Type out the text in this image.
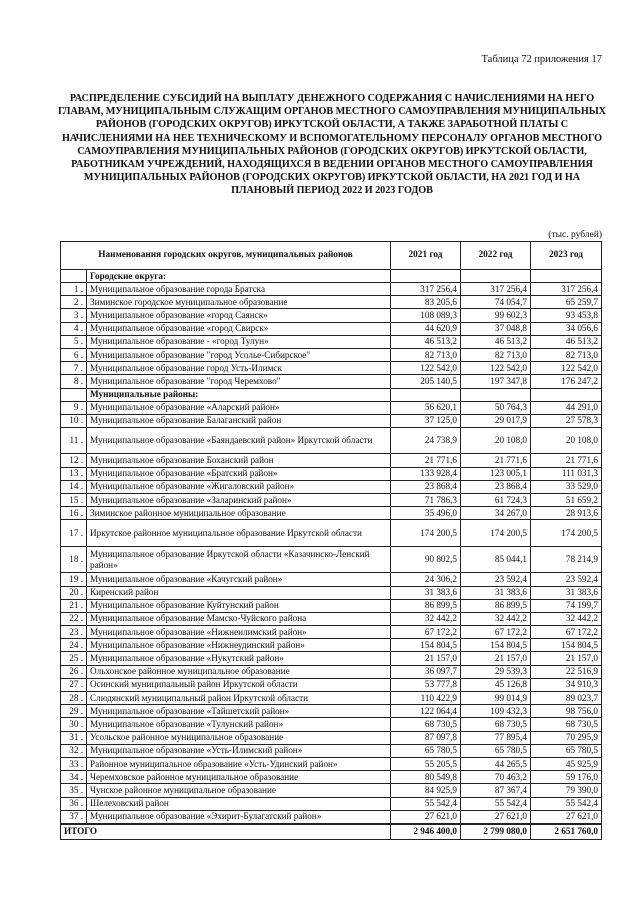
Таблица 72 приложения 17
РАСПРЕДЕЛЕНИЕ СУБСИДИЙ НА ВЫПЛАТУ ДЕНЕЖНОГО СОДЕРЖАНИЯ С НАЧИСЛЕНИЯМИ НА НЕГО ГЛАВАМ, МУНИЦИПАЛЬНЫМ СЛУЖАЩИМ ОРГАНОВ МЕСТНОГО САМОУПРАВЛЕНИЯ МУНИЦИПАЛЬНЫХ РАЙОНОВ (ГОРОДСКИХ ОКРУГОВ) ИРКУТСКОЙ ОБЛАСТИ, А ТАКЖЕ ЗАРАБОТНОЙ ПЛАТЫ С НАЧИСЛЕНИЯМИ НА НЕЕ ТЕХНИЧЕСКОМУ И ВСПОМОГАТЕЛЬНОМУ ПЕРСОНАЛУ ОРГАНОВ МЕСТНОГО САМОУПРАВЛЕНИЯ МУНИЦИПАЛЬНЫХ РАЙОНОВ (ГОРОДСКИХ ОКРУГОВ) ИРКУТСКОЙ ОБЛАСТИ, РАБОТНИКАМ УЧРЕЖДЕНИЙ, НАХОДЯЩИХСЯ В ВЕДЕНИИ ОРГАНОВ МЕСТНОГО САМОУПРАВЛЕНИЯ МУНИЦИПАЛЬНЫХ РАЙОНОВ (ГОРОДСКИХ ОКРУГОВ) ИРКУТСКОЙ ОБЛАСТИ, НА 2021 ГОД И НА ПЛАНОВЫЙ ПЕРИОД 2022 И 2023 ГОДОВ
(тыс. рублей)
Наименования городских округов, муниципальных районов		2021 год	2022 год	2023 год
	Городские округа:			
1 .	Муниципальное образование города Братска	317 256,4	317 256,4	317 256,4
2 .	Зиминское городское муниципальное образование	83 205,6	74 054,7	65 259,7
3 .	Муниципальное образование «город Саянск»	108 089,3	99 602,3	93 453,8
4 .	Муниципальное образование «город Свирск»	44 620,9	37 048,8	34 056,6
5 .	Муниципальное образование - «город Тулун»	46 513,2	46 513,2	46 513,2
6 .	Муниципальное образование "город Усолье-Сибирское"	82 713,0	82 713,0	82 713,0
7 .	Муниципальное образование город Усть-Илимск	122 542,0	122 542,0	122 542,0
8 .	Муниципальное образование "город Черемхово"	205 140,5	197 347,8	176 247,2
	Муниципальные районы:			
9 .	Муниципальное образование «Аларский район»	56 620,1	50 764,3	44 291,0
10 .	Муниципальное образование Балаганский район	37 125,0	29 017,9	27 578,3
11 .	Муниципальное образование «Баяндаевский район» Иркутской области	24 738,9	20 108,0	20 108,0
12 .	Муниципальное образование Боханский район	21 771,6	21 771,6	21 771,6
13 .	Муниципальное образование «Братский район»	133 928,4	123 005,1	111 031,3
14 .	Муниципальное образование «Жигаловский район»	23 868,4	23 868,4	33 529,0
15 .	Муниципальное образование «Заларинский район»	71 786,3	61 724,3	51 659,2
16 .	Зиминское районное муниципальное образование	35 496,0	34 267,0	28 913,6
17 .	Иркутское районное муниципальное образование Иркутской области	174 200,5	174 200,5	174 200,5
18 .	Муниципальное образование Иркутской области «Казачинско-Ленский район»	90 802,5	85 044,1	78 214,9
19 .	Муниципальное образование «Качугский район»	24 306,2	23 592,4	23 592,4
20 .	Киренский район	31 383,6	31 383,6	31 383,6
21 .	Муниципальное образование Куйтунский район	86 899,5	86 899,5	74 199,7
22 .	Муниципальное образование Мамско-Чуйского района	32 442,2	32 442,2	32 442,2
23 .	Муниципальное образование «Нижнеилимский район»	67 172,2	67 172,2	67 172,2
24 .	Муниципальное образование «Нижнеудинский район»	154 804,5	154 804,5	154 804,5
25 .	Муниципальное образование «Нукутский район»	21 157,0	21 157,0	21 157,0
26 .	Ольхонское районное муниципальное образование	36 097,7	29 539,3	22 516,9
27 .	Осинский муниципальный район Иркутской области	53 777,8	45 126,8	34 910,3
28 .	Слюдянский муниципальный район Иркутской области	110 422,9	99 014,9	89 023,7
29 .	Муниципальное образование «Тайшетский район»	122 064,4	109 432,3	98 756,0
30 .	Муниципальное образование «Тулунский район»	68 730,5	68 730,5	68 730,5
31 .	Усольское районное муниципальное образование	87 097,8	77 895,4	70 295,9
32 .	Муниципальное образование «Усть-Илимский район»	65 780,5	65 780,5	65 780,5
33 .	Районное муниципальное образование «Усть-Удинский район»	55 205,5	44 265,5	45 925,9
34 .	Черемховское районное муниципальное образование	80 549,8	70 463,2	59 176,0
35 .	Чунское районное муниципальное образование	84 925,9	87 367,4	79 390,0
36 .	Шелеховский район	55 542,4	55 542,4	55 542,4
37 .	Муниципальное образование «Эхирит-Булагатский район»	27 621,0	27 621,0	27 621,0
ИТОГО		2 946 400,0	2 799 080,0	2 651 760,0
